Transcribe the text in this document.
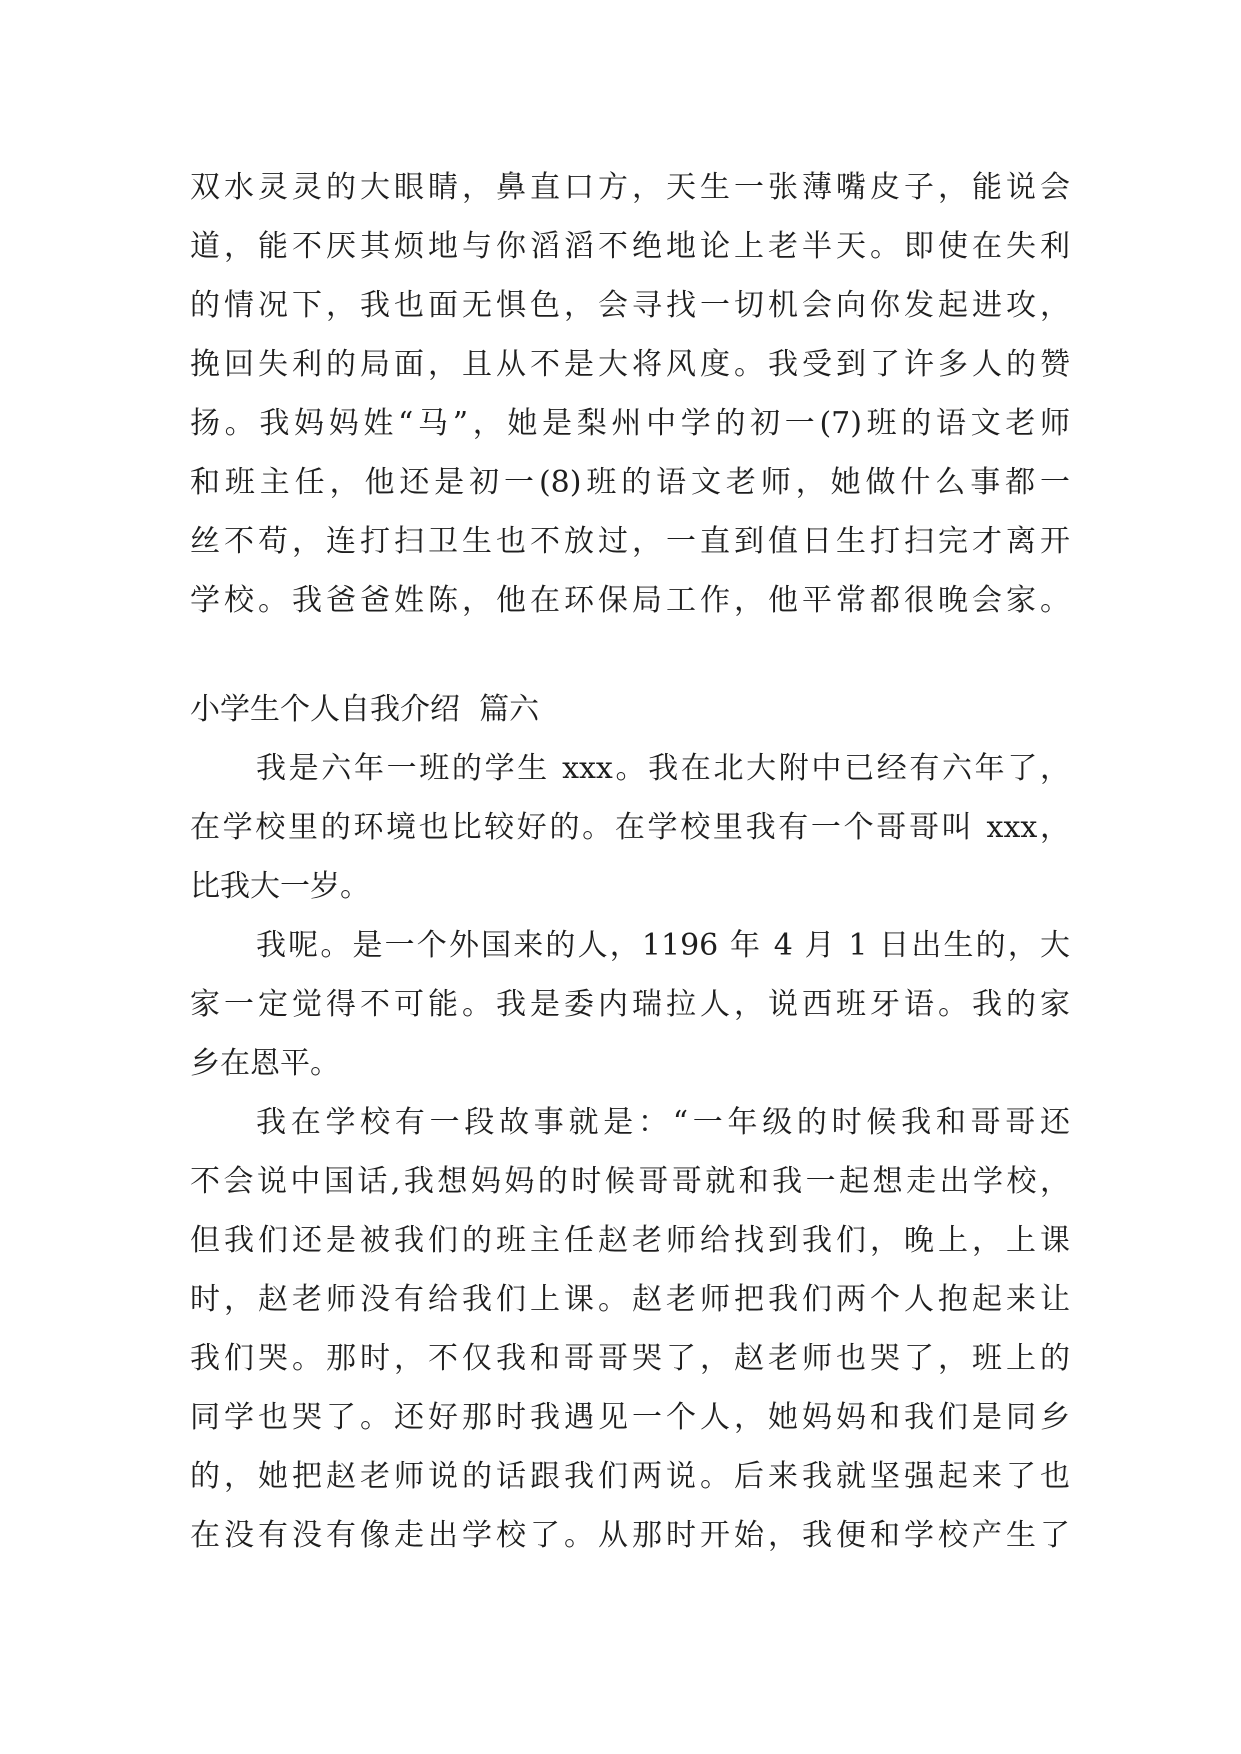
双水灵灵的大眼睛，鼻直口方，天生一张薄嘴皮子，能说会
道，能不厌其烦地与你滔滔不绝地论上老半天。即使在失利
的情况下，我也面无惧色，会寻找一切机会向你发起进攻，
挽回失利的局面，且从不是大将风度。我受到了许多人的赞
扬。我妈妈姓“马”，她是梨州中学的初一(7)班的语文老师
和班主任，他还是初一(8)班的语文老师，她做什么事都一
丝不苟，连打扫卫生也不放过，一直到值日生打扫完才离开
学校。我爸爸姓陈，他在环保局工作，他平常都很晚会家。
小学生个人自我介绍  篇六
我是六年一班的学生 xxx。我在北大附中已经有六年了，
在学校里的环境也比较好的。在学校里我有一个哥哥叫 xxx，
比我大一岁。
我呢。是一个外国来的人，1196 年 4 月 1 日出生的，大
家一定觉得不可能。我是委内瑞拉人，说西班牙语。我的家
乡在恩平。
我在学校有一段故事就是：“一年级的时候我和哥哥还
不会说中国话,我想妈妈的时候哥哥就和我一起想走出学校，
但我们还是被我们的班主任赵老师给找到我们，晚上，上课
时，赵老师没有给我们上课。赵老师把我们两个人抱起来让
我们哭。那时，不仅我和哥哥哭了，赵老师也哭了，班上的
同学也哭了。还好那时我遇见一个人，她妈妈和我们是同乡
的，她把赵老师说的话跟我们两说。后来我就坚强起来了也
在没有没有像走出学校了。从那时开始，我便和学校产生了
